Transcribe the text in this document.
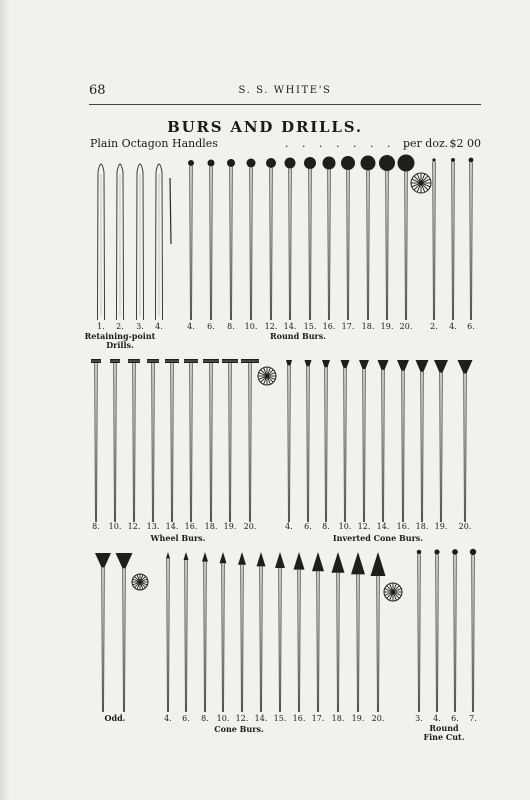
68	S. S. WHITE'S
BURS AND DRILLS.
Plain Octagon Handles	. . . . . . . .
per doz. $2 00
1. 2. 3. 4.
Retaining-point
Drills.
4. 6. 8. 10. 12. 14. 15. 16. 17. 18. 19. 20.
Round Burs.
2. 4. 6.
8. 10. 12. 13. 14. 16. 18. 19. 20.
Wheel Burs.
4. 6. 8. 10. 12. 14. 16. 18. 19. 20.
Inverted Cone Burs.
Odd.	4. 6. 8. 10. 12. 14. 15. 16. 17. 18. 19. 20.
Cone Burs.
3. 4. 6. 7.
Round
Fine Cut.
